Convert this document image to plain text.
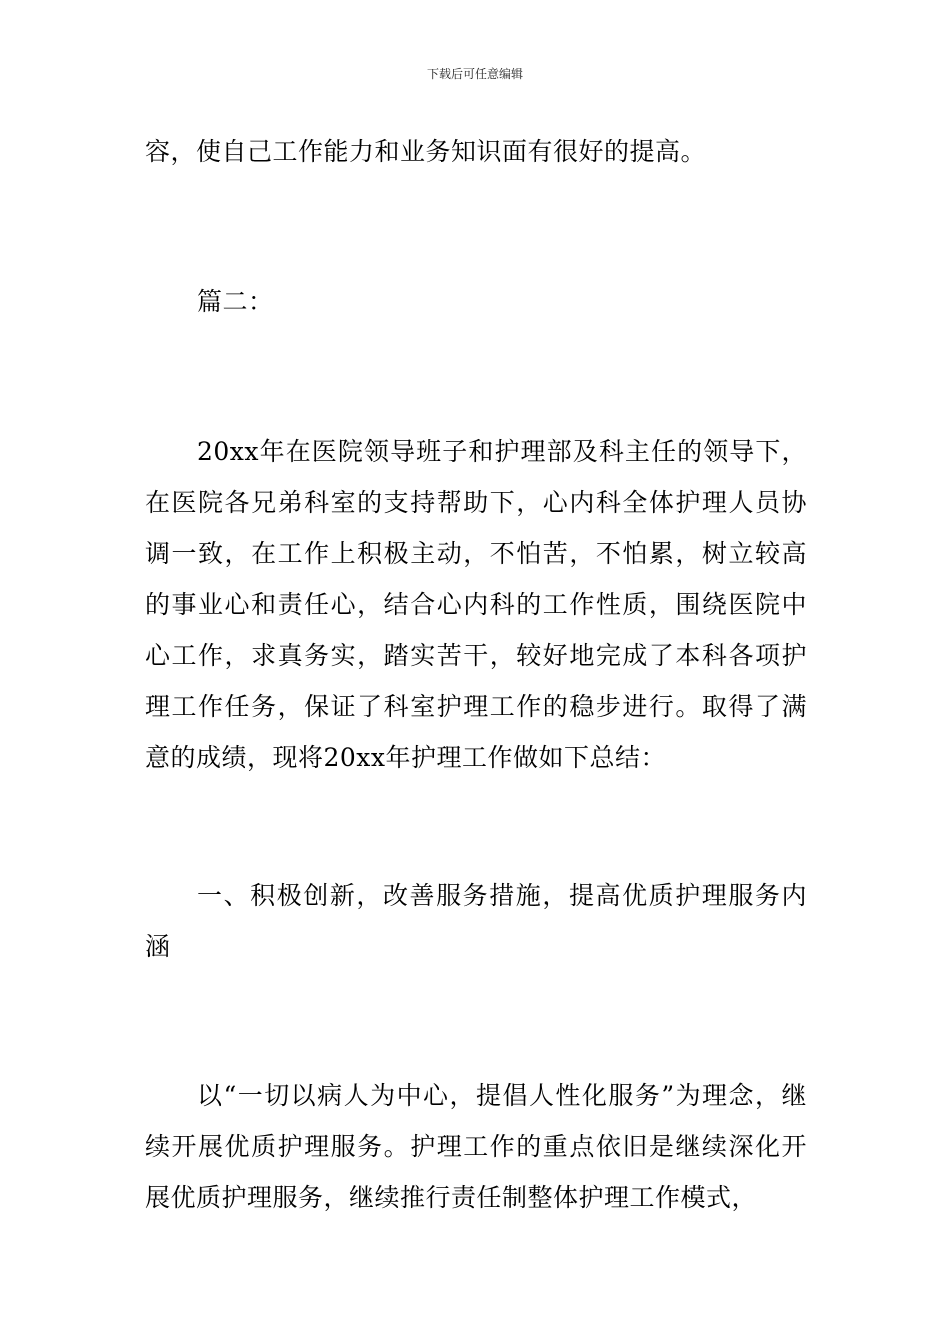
下载后可任意编辑

容，使自己工作能力和业务知识面有很好的提高。

篇二：

20xx年在医院领导班子和护理部及科主任的领导下，在医院各兄弟科室的支持帮助下，心内科全体护理人员协调一致，在工作上积极主动，不怕苦，不怕累，树立较高的事业心和责任心，结合心内科的工作性质，围绕医院中心工作，求真务实，踏实苦干，较好地完成了本科各项护理工作任务，保证了科室护理工作的稳步进行。取得了满意的成绩，现将20xx年护理工作做如下总结：

一、积极创新，改善服务措施，提高优质护理服务内涵

以“一切以病人为中心，提倡人性化服务”为理念，继续开展优质护理服务。护理工作的重点依旧是继续深化开展优质护理服务，继续推行责任制整体护理工作模式，
